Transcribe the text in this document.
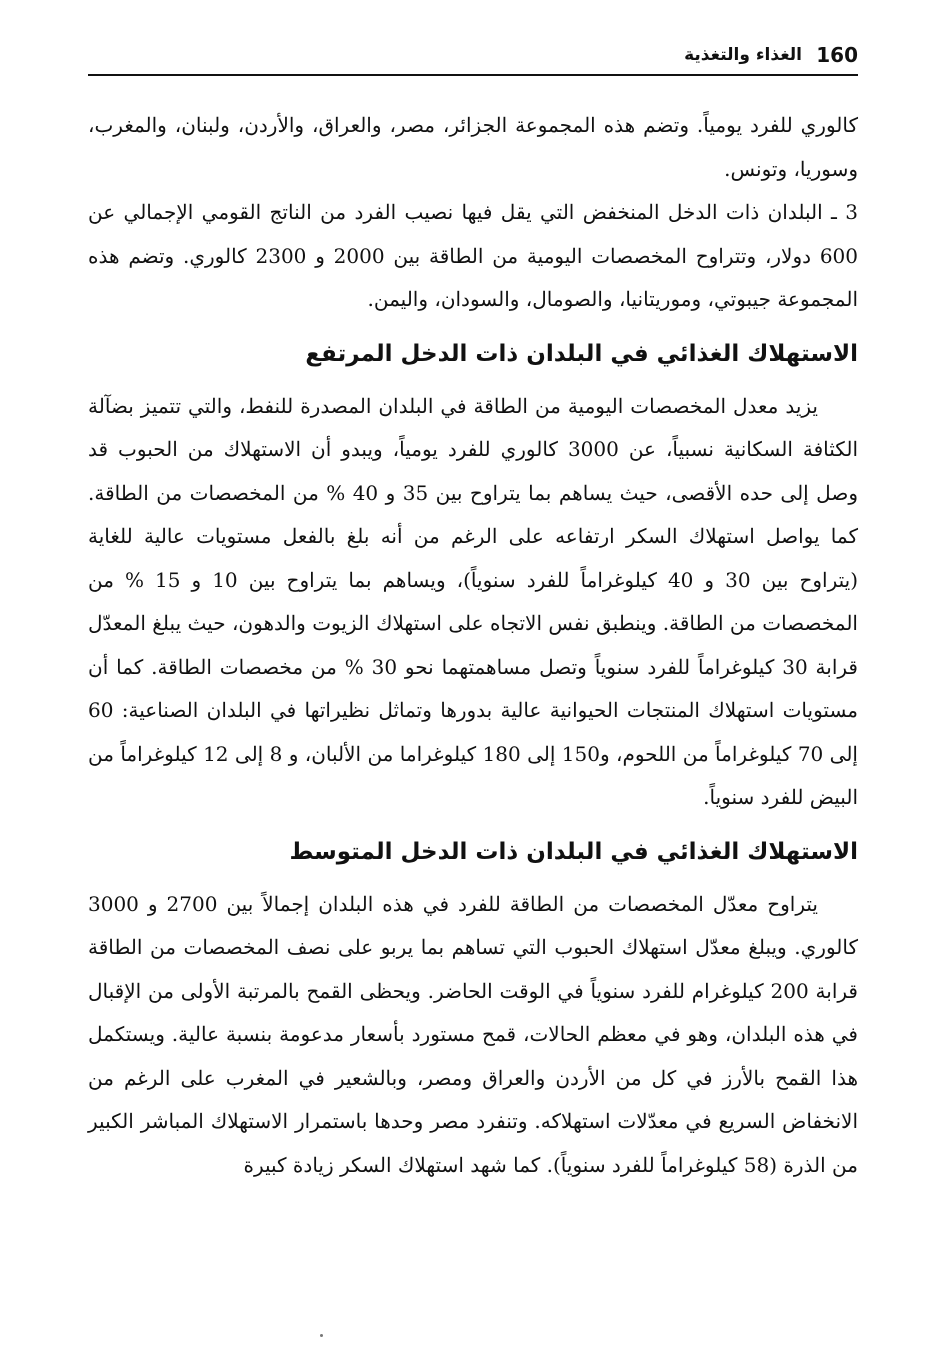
160
الغذاء والتغذية

كالوري للفرد يومياً. وتضم هذه المجموعة الجزائر، مصر، والعراق، والأردن، ولبنان، والمغرب، وسوريا، وتونس.

3 ـ البلدان ذات الدخل المنخفض التي يقل فيها نصيب الفرد من الناتج القومي الإجمالي عن 600 دولار، وتتراوح المخصصات اليومية من الطاقة بين 2000 و 2300 كالوري. وتضم هذه المجموعة جيبوتي، وموريتانيا، والصومال، والسودان، واليمن.

الاستهلاك الغذائي في البلدان ذات الدخل المرتفع

يزيد معدل المخصصات اليومية من الطاقة في البلدان المصدرة للنفط، والتي تتميز بضآلة الكثافة السكانية نسبياً، عن 3000 كالوري للفرد يومياً، ويبدو أن الاستهلاك من الحبوب قد وصل إلى حده الأقصى، حيث يساهم بما يتراوح بين 35 و 40 % من المخصصات من الطاقة. كما يواصل استهلاك السكر ارتفاعه على الرغم من أنه بلغ بالفعل مستويات عالية للغاية (يتراوح بين 30 و 40 كيلوغراماً للفرد سنوياً)، ويساهم بما يتراوح بين 10 و 15 % من المخصصات من الطاقة. وينطبق نفس الاتجاه على استهلاك الزيوت والدهون، حيث يبلغ المعدّل قرابة 30 كيلوغراماً للفرد سنوياً وتصل مساهمتهما نحو 30 % من مخصصات الطاقة. كما أن مستويات استهلاك المنتجات الحيوانية عالية بدورها وتماثل نظيراتها في البلدان الصناعية: 60 إلى 70 كيلوغراماً من اللحوم، و150 إلى 180 كيلوغراما من الألبان، و 8 إلى 12 كيلوغراماً من البيض للفرد سنوياً.

الاستهلاك الغذائي في البلدان ذات الدخل المتوسط

يتراوح معدّل المخصصات من الطاقة للفرد في هذه البلدان إجمالاً بين 2700 و 3000 كالوري. ويبلغ معدّل استهلاك الحبوب التي تساهم بما يربو على نصف المخصصات من الطاقة قرابة 200 كيلوغرام للفرد سنوياً في الوقت الحاضر. ويحظى القمح بالمرتبة الأولى من الإقبال في هذه البلدان، وهو في معظم الحالات، قمح مستورد بأسعار مدعومة بنسبة عالية. ويستكمل هذا القمح بالأرز في كل من الأردن والعراق ومصر، وبالشعير في المغرب على الرغم من الانخفاض السريع في معدّلات استهلاكه. وتنفرد مصر وحدها باستمرار الاستهلاك المباشر الكبير من الذرة (58 كيلوغراماً للفرد سنوياً). كما شهد استهلاك السكر زيادة كبيرة
